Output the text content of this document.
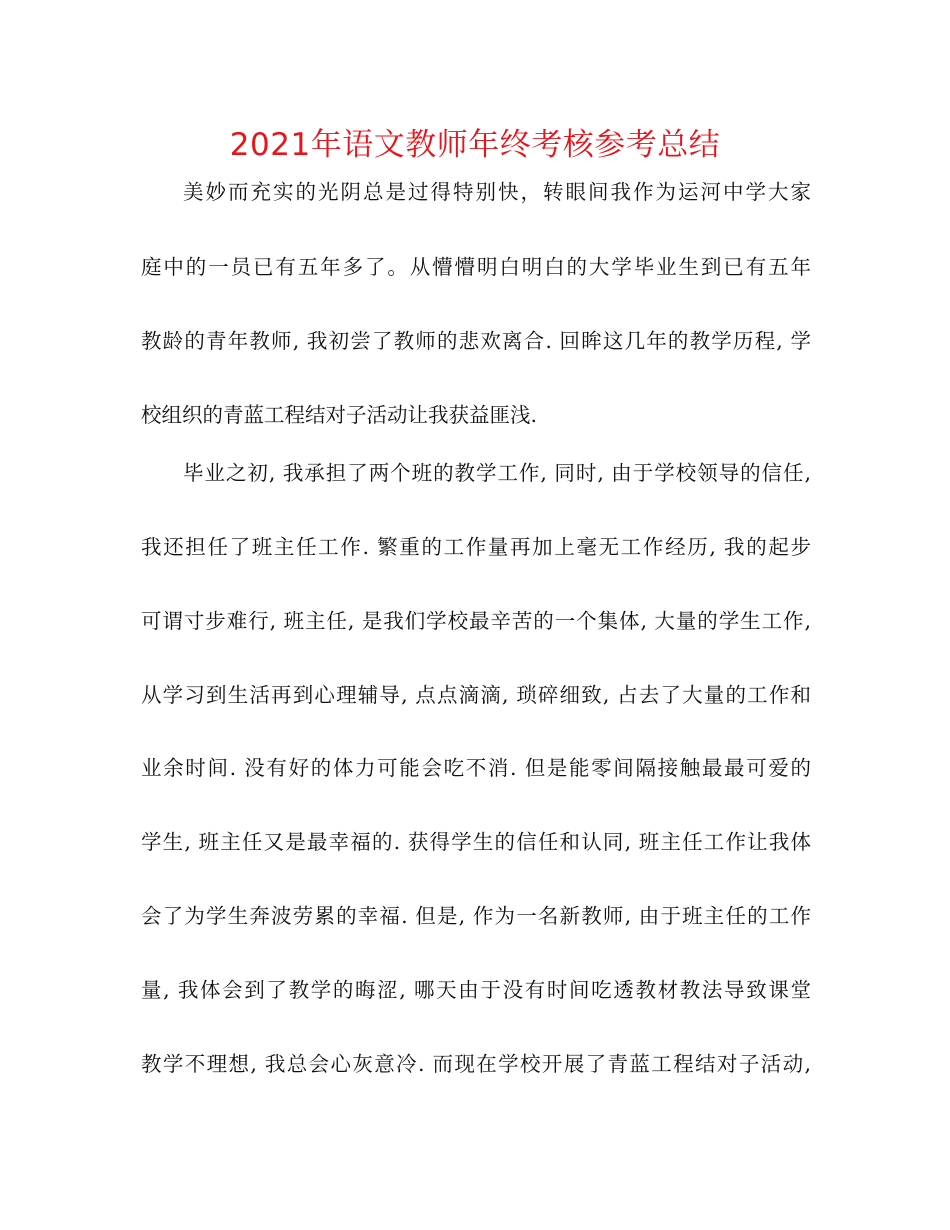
2021年语文教师年终考核参考总结
美妙而充实的光阴总是过得特别快，转眼间我作为运河中学大家
庭中的一员已有五年多了。从懵懵明白明白的大学毕业生到已有五年
教龄的青年教师, 我初尝了教师的悲欢离合. 回眸这几年的教学历程, 学
校组织的青蓝工程结对子活动让我获益匪浅.
毕业之初, 我承担了两个班的教学工作, 同时, 由于学校领导的信任,
我还担任了班主任工作. 繁重的工作量再加上毫无工作经历, 我的起步
可谓寸步难行, 班主任, 是我们学校最辛苦的一个集体, 大量的学生工作,
从学习到生活再到心理辅导, 点点滴滴, 琐碎细致, 占去了大量的工作和
业余时间. 没有好的体力可能会吃不消. 但是能零间隔接触最最可爱的
学生, 班主任又是最幸福的. 获得学生的信任和认同, 班主任工作让我体
会了为学生奔波劳累的幸福. 但是, 作为一名新教师, 由于班主任的工作
量, 我体会到了教学的晦涩, 哪天由于没有时间吃透教材教法导致课堂
教学不理想, 我总会心灰意冷. 而现在学校开展了青蓝工程结对子活动,
